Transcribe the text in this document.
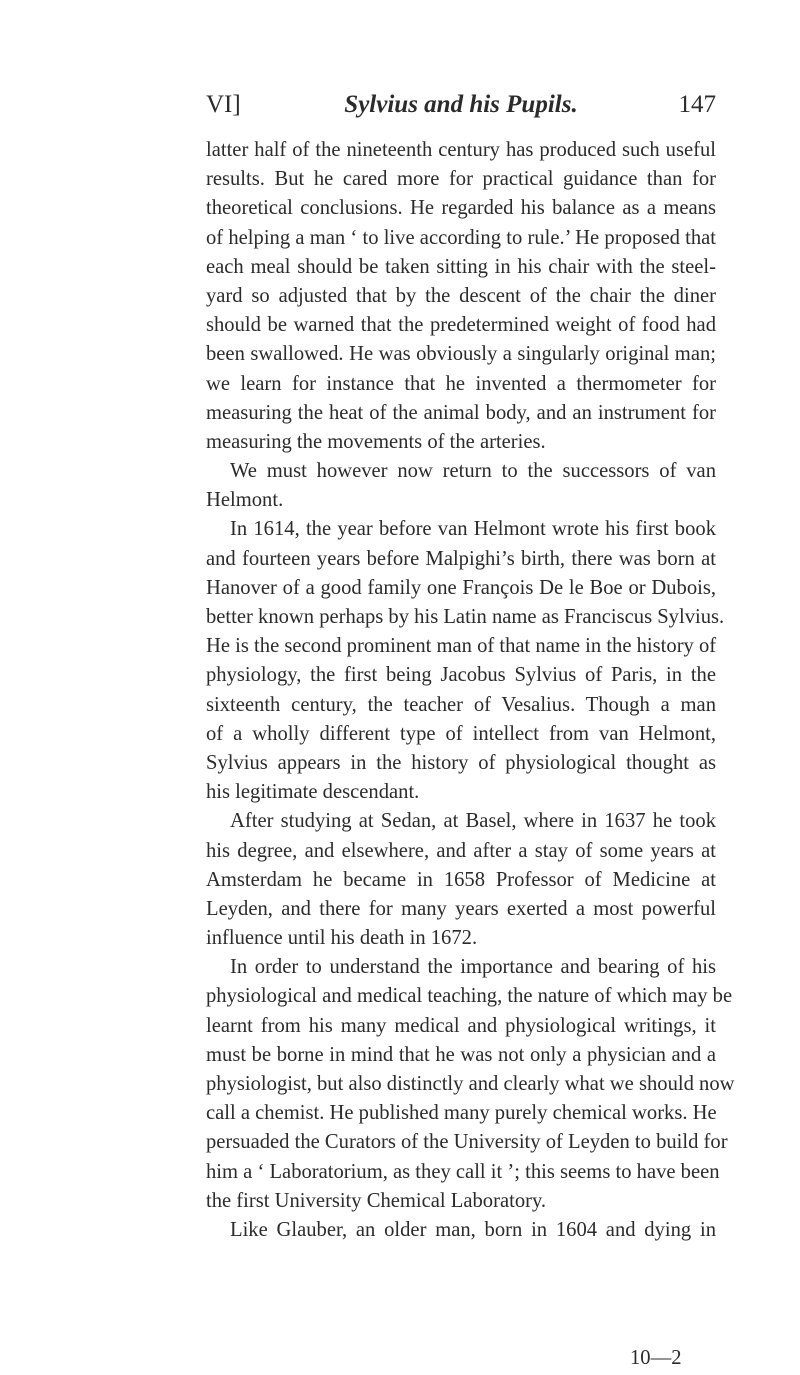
VI]	Sylvius and his Pupils.	147
latter half of the nineteenth century has produced such useful
results. But he cared more for practical guidance than for
theoretical conclusions. He regarded his balance as a means
of helping a man ‘ to live according to rule.’ He proposed that
each meal should be taken sitting in his chair with the steel-
yard so adjusted that by the descent of the chair the diner
should be warned that the predetermined weight of food had
been swallowed. He was obviously a singularly original man;
we learn for instance that he invented a thermometer for
measuring the heat of the animal body, and an instrument for
measuring the movements of the arteries.
We must however now return to the successors of van
Helmont.
In 1614, the year before van Helmont wrote his first book
and fourteen years before Malpighi’s birth, there was born at
Hanover of a good family one François De le Boe or Dubois,
better known perhaps by his Latin name as Franciscus Sylvius.
He is the second prominent man of that name in the history of
physiology, the first being Jacobus Sylvius of Paris, in the
sixteenth century, the teacher of Vesalius. Though a man
of a wholly different type of intellect from van Helmont,
Sylvius appears in the history of physiological thought as
his legitimate descendant.
After studying at Sedan, at Basel, where in 1637 he took
his degree, and elsewhere, and after a stay of some years at
Amsterdam he became in 1658 Professor of Medicine at
Leyden, and there for many years exerted a most powerful
influence until his death in 1672.
In order to understand the importance and bearing of his
physiological and medical teaching, the nature of which may be
learnt from his many medical and physiological writings, it
must be borne in mind that he was not only a physician and a
physiologist, but also distinctly and clearly what we should now
call a chemist. He published many purely chemical works. He
persuaded the Curators of the University of Leyden to build for
him a ‘ Laboratorium, as they call it ’; this seems to have been
the first University Chemical Laboratory.
Like Glauber, an older man, born in 1604 and dying in
10—2
